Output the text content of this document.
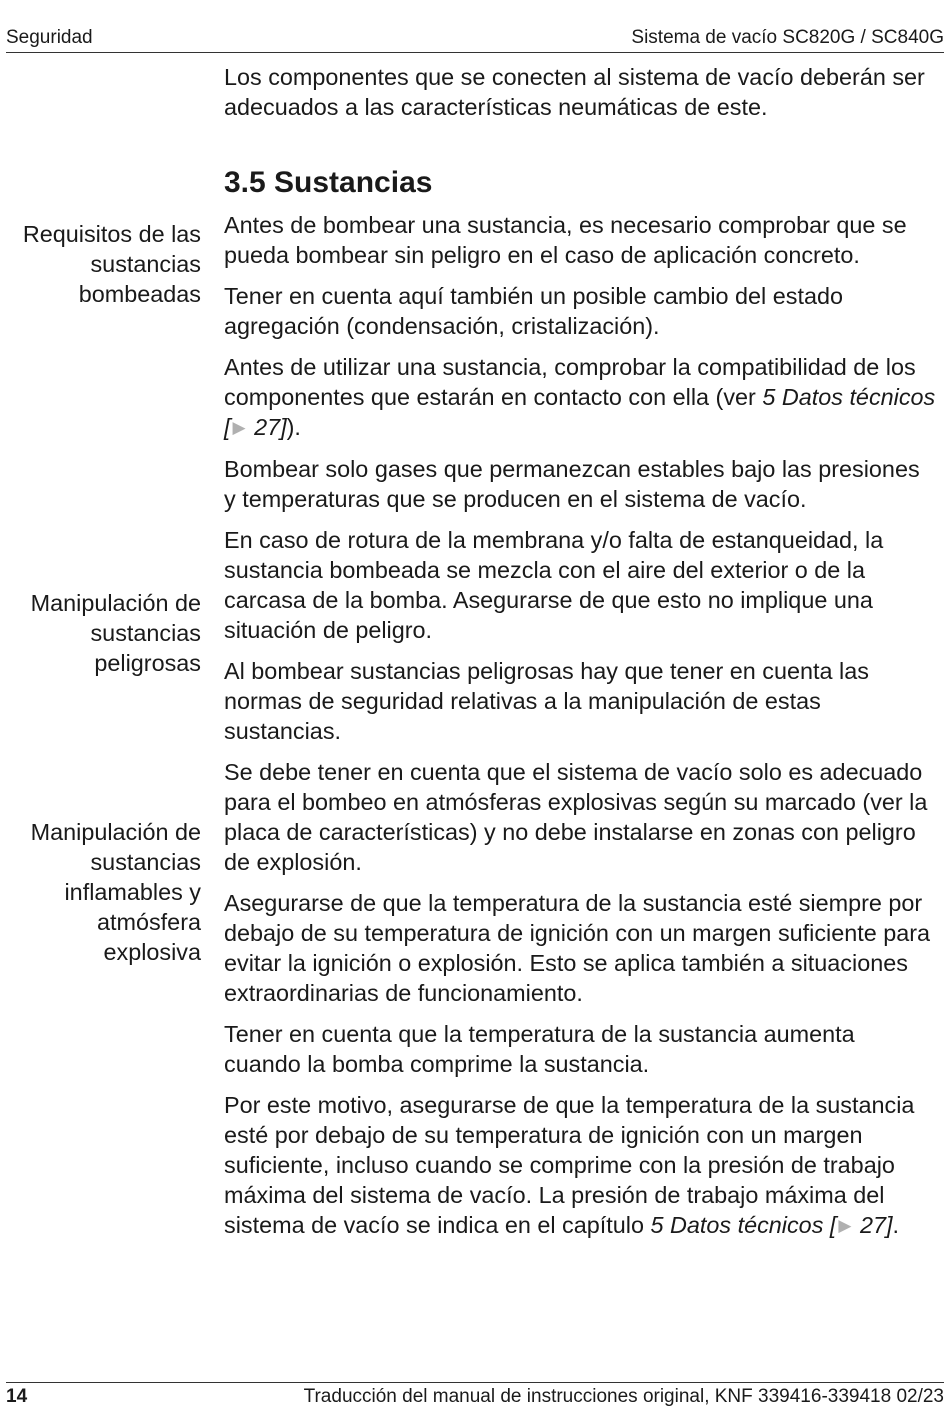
Seguridad	Sistema de vacío SC820G / SC840G
Requisitos de las sustancias bombeadas
Manipulación de sustancias peligrosas
Manipulación de sustancias inflamables y atmósfera explosiva

Los componentes que se conecten al sistema de vacío deberán ser adecuados a las características neumáticas de este.

3.5 Sustancias

Antes de bombear una sustancia, es necesario comprobar que se pueda bombear sin peligro en el caso de aplicación concreto.

Tener en cuenta aquí también un posible cambio del estado agregación (condensación, cristalización).

Antes de utilizar una sustancia, comprobar la compatibilidad de los componentes que estarán en contacto con ella (ver 5 Datos técnicos [ ▶ 27]).

Bombear solo gases que permanezcan estables bajo las presiones y temperaturas que se producen en el sistema de vacío.

En caso de rotura de la membrana y/o falta de estanqueidad, la sustancia bombeada se mezcla con el aire del exterior o de la carcasa de la bomba. Asegurarse de que esto no implique una situación de peligro.

Al bombear sustancias peligrosas hay que tener en cuenta las normas de seguridad relativas a la manipulación de estas sustancias.

Se debe tener en cuenta que el sistema de vacío solo es adecuado para el bombeo en atmósferas explosivas según su marcado (ver la placa de características) y no debe instalarse en zonas con peligro de explosión.

Asegurarse de que la temperatura de la sustancia esté siempre por debajo de su temperatura de ignición con un margen suficiente para evitar la ignición o explosión. Esto se aplica también a situaciones extraordinarias de funcionamiento.

Tener en cuenta que la temperatura de la sustancia aumenta cuando la bomba comprime la sustancia.

Por este motivo, asegurarse de que la temperatura de la sustancia esté por debajo de su temperatura de ignición con un margen suficiente, incluso cuando se comprime con la presión de trabajo máxima del sistema de vacío. La presión de trabajo máxima del sistema de vacío se indica en el capítulo 5 Datos técnicos [ ▶ 27].

14	Traducción del manual de instrucciones original, KNF 339416-339418 02/23
